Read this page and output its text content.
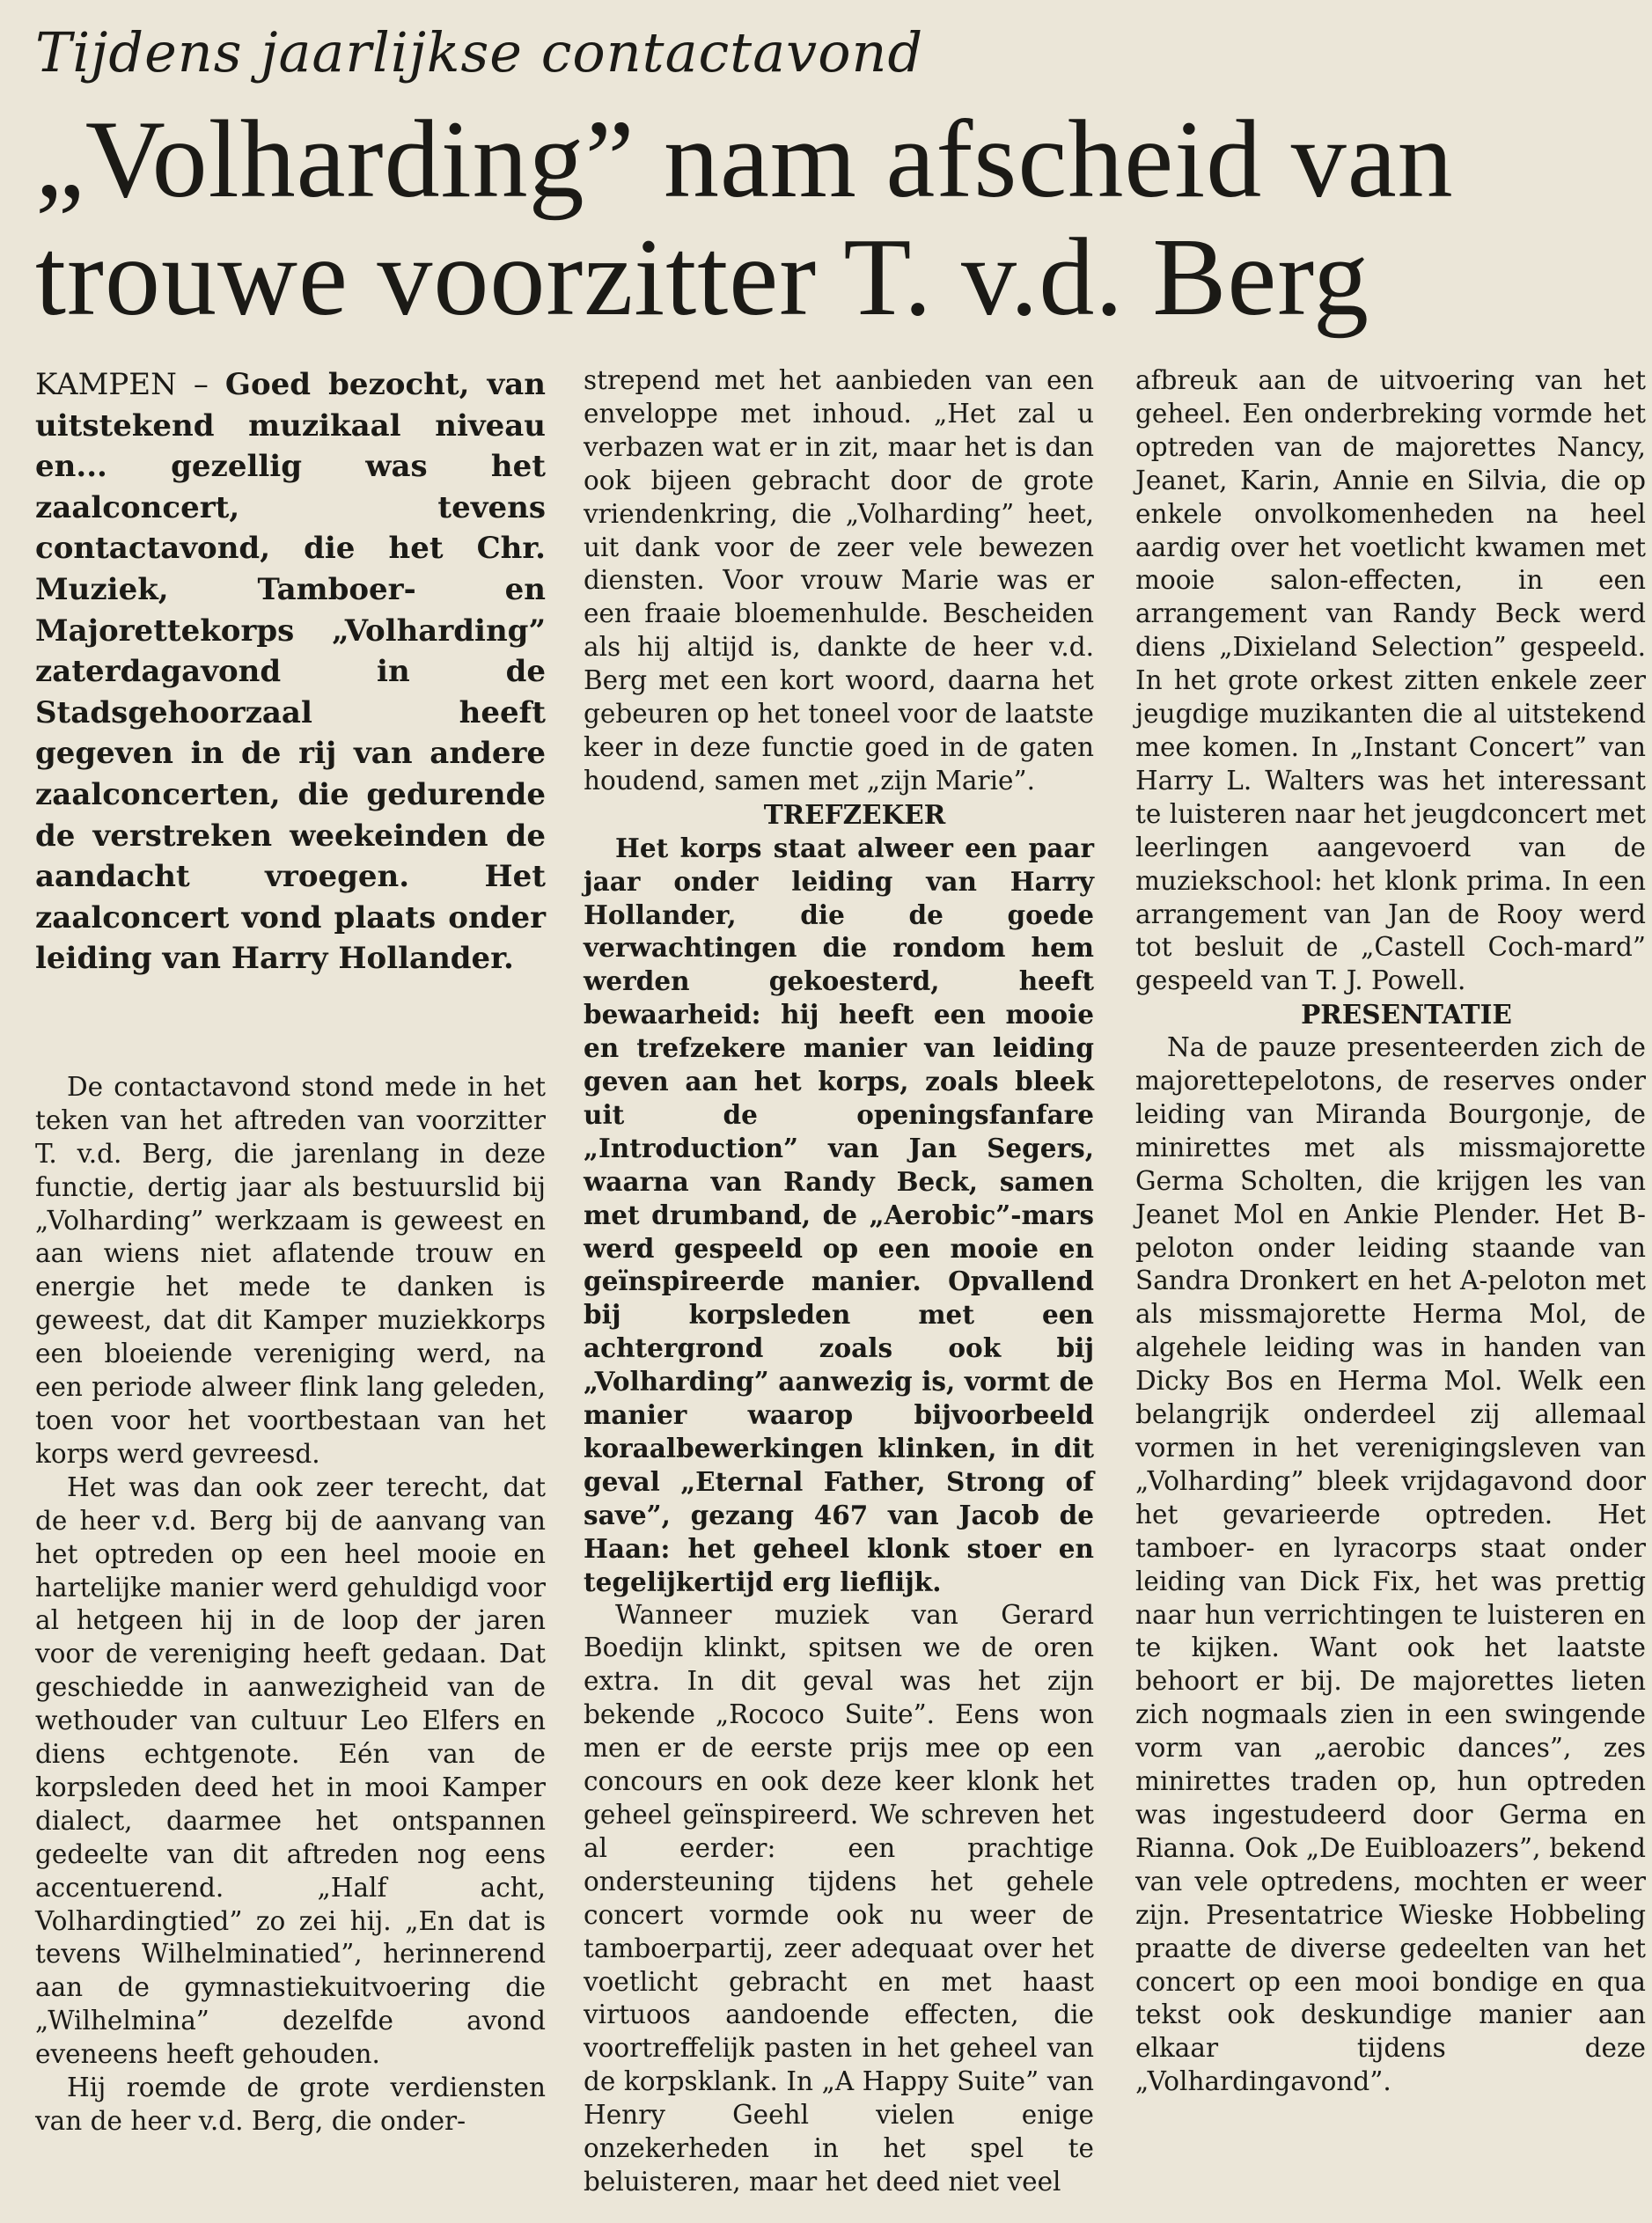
Tijdens jaarlijkse contactavond
„Volharding” nam afscheid van
trouwe voorzitter T. v.d. Berg

KAMPEN – Goed bezocht, van uitstekend muzikaal niveau en... gezellig was het zaalconcert, tevens contactavond, die het Chr. Muziek, Tamboer- en Majorettekorps „Volharding” zaterdagavond in de Stadsgehoorzaal heeft gegeven in de rij van andere zaalconcerten, die gedurende de verstreken weekeinden de aandacht vroegen. Het zaalconcert vond plaats onder leiding van Harry Hollander.

De contactavond stond mede in het teken van het aftreden van voorzitter T. v.d. Berg, die jarenlang in deze functie, dertig jaar als bestuurslid bij „Volharding” werkzaam is geweest en aan wiens niet aflatende trouw en energie het mede te danken is geweest, dat dit Kamper muziekkorps een bloeiende vereniging werd, na een periode alweer flink lang geleden, toen voor het voortbestaan van het korps werd gevreesd.

Het was dan ook zeer terecht, dat de heer v.d. Berg bij de aanvang van het optreden op een heel mooie en hartelijke manier werd gehuldigd voor al hetgeen hij in de loop der jaren voor de vereniging heeft gedaan. Dat geschiedde in aanwezigheid van de wethouder van cultuur Leo Elfers en diens echtgenote. Eén van de korpsleden deed het in mooi Kamper dialect, daarmee het ontspannen gedeelte van dit aftreden nog eens accentuerend. „Half acht, Volhardingtied” zo zei hij. „En dat is tevens Wilhelminatied”, herinnerend aan de gymnastiekuitvoering die „Wilhelmina” dezelfde avond eveneens heeft gehouden.

Hij roemde de grote verdiensten van de heer v.d. Berg, die onder-

strepend met het aanbieden van een enveloppe met inhoud. „Het zal u verbazen wat er in zit, maar het is dan ook bijeen gebracht door de grote vriendenkring, die „Volharding” heet, uit dank voor de zeer vele bewezen diensten. Voor vrouw Marie was er een fraaie bloemenhulde. Bescheiden als hij altijd is, dankte de heer v.d. Berg met een kort woord, daarna het gebeuren op het toneel voor de laatste keer in deze functie goed in de gaten houdend, samen met „zijn Marie”.

TREFZEKER

Het korps staat alweer een paar jaar onder leiding van Harry Hollander, die de goede verwachtingen die rondom hem werden gekoesterd, heeft bewaarheid: hij heeft een mooie en trefzekere manier van leiding geven aan het korps, zoals bleek uit de openingsfanfare „Introduction” van Jan Segers, waarna van Randy Beck, samen met drumband, de „Aerobic”-mars werd gespeeld op een mooie en geïnspireerde manier. Opvallend bij korpsleden met een achtergrond zoals ook bij „Volharding” aanwezig is, vormt de manier waarop bijvoorbeeld koraalbewerkingen klinken, in dit geval „Eternal Father, Strong of save”, gezang 467 van Jacob de Haan: het geheel klonk stoer en tegelijkertijd erg lieflijk.

Wanneer muziek van Gerard Boedijn klinkt, spitsen we de oren extra. In dit geval was het zijn bekende „Rococo Suite”. Eens won men er de eerste prijs mee op een concours en ook deze keer klonk het geheel geïnspireerd. We schreven het al eerder: een prachtige ondersteuning tijdens het gehele concert vormde ook nu weer de tamboerpartij, zeer adequaat over het voetlicht gebracht en met haast virtuoos aandoende effecten, die voortreffelijk pasten in het geheel van de korpsklank. In „A Happy Suite” van Henry Geehl vielen enige onzekerheden in het spel te beluisteren, maar het deed niet veel

afbreuk aan de uitvoering van het geheel. Een onderbreking vormde het optreden van de majorettes Nancy, Jeanet, Karin, Annie en Silvia, die op enkele onvolkomenheden na heel aardig over het voetlicht kwamen met mooie salon-effecten, in een arrangement van Randy Beck werd diens „Dixieland Selection” gespeeld. In het grote orkest zitten enkele zeer jeugdige muzikanten die al uitstekend mee komen. In „Instant Concert” van Harry L. Walters was het interessant te luisteren naar het jeugdconcert met leerlingen aangevoerd van de muziekschool: het klonk prima. In een arrangement van Jan de Rooy werd tot besluit de „Castell Coch-mard” gespeeld van T. J. Powell.

PRESENTATIE

Na de pauze presenteerden zich de majorettepelotons, de reserves onder leiding van Miranda Bourgonje, de minirettes met als missmajorette Germa Scholten, die krijgen les van Jeanet Mol en Ankie Plender. Het B-peloton onder leiding staande van Sandra Dronkert en het A-peloton met als missmajorette Herma Mol, de algehele leiding was in handen van Dicky Bos en Herma Mol. Welk een belangrijk onderdeel zij allemaal vormen in het verenigingsleven van „Volharding” bleek vrijdagavond door het gevarieerde optreden. Het tamboer- en lyracorps staat onder leiding van Dick Fix, het was prettig naar hun verrichtingen te luisteren en te kijken. Want ook het laatste behoort er bij. De majorettes lieten zich nogmaals zien in een swingende vorm van „aerobic dances”, zes minirettes traden op, hun optreden was ingestudeerd door Germa en Rianna. Ook „De Euibloazers”, bekend van vele optredens, mochten er weer zijn. Presentatrice Wieske Hobbeling praatte de diverse gedeelten van het concert op een mooi bondige en qua tekst ook deskundige manier aan elkaar tijdens deze „Volhardingavond”.
